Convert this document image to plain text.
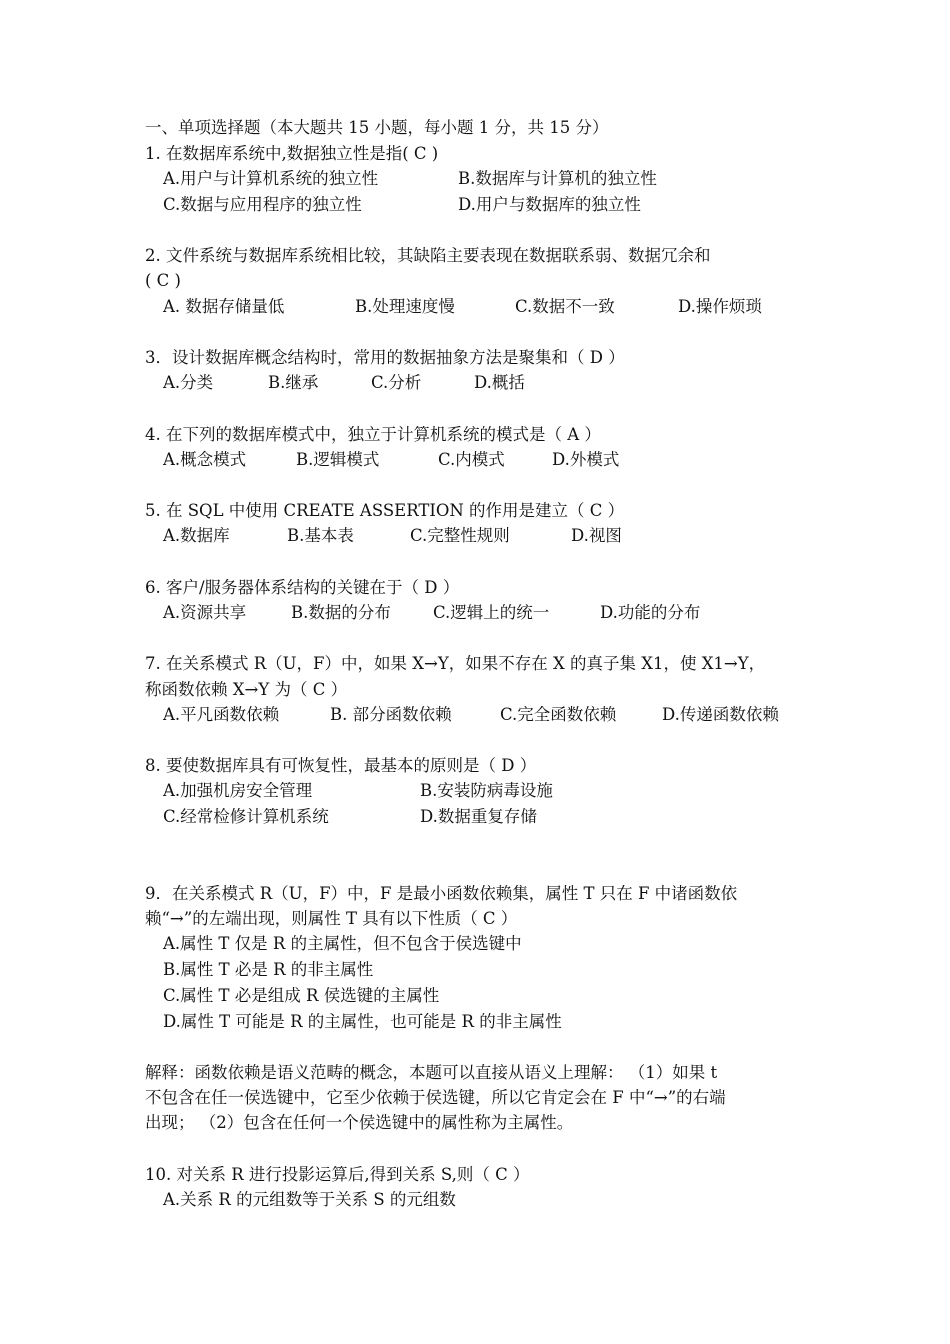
一、单项选择题（本大题共 15 小题，每小题 1 分，共 15 分）
1. 在数据库系统中,数据独立性是指( C )
A.用户与计算机系统的独立性	B.数据库与计算机的独立性
C.数据与应用程序的独立性	D.用户与数据库的独立性
2. 文件系统与数据库系统相比较，其缺陷主要表现在数据联系弱、数据冗余和
( C )
A. 数据存储量低	B.处理速度慢	C.数据不一致	D.操作烦琐
3．设计数据库概念结构时，常用的数据抽象方法是聚集和（ D ）
A.分类	B.继承	C.分析	D.概括
4. 在下列的数据库模式中，独立于计算机系统的模式是（ A ）
A.概念模式	B.逻辑模式	C.内模式	D.外模式
5. 在 SQL 中使用 CREATE ASSERTION 的作用是建立（ C ）
A.数据库	B.基本表	C.完整性规则	D.视图
6. 客户/服务器体系结构的关键在于（ D ）
A.资源共享	B.数据的分布	C.逻辑上的统一	D.功能的分布
7. 在关系模式 R（U，F）中，如果 X→Y，如果不存在 X 的真子集 X1，使 X1→Y，
称函数依赖 X→Y 为（ C ）
A.平凡函数依赖	B. 部分函数依赖	C.完全函数依赖	D.传递函数依赖
8. 要使数据库具有可恢复性，最基本的原则是（ D ）
A.加强机房安全管理	B.安装防病毒设施
C.经常检修计算机系统	D.数据重复存储
9．在关系模式 R（U，F）中，F 是最小函数依赖集，属性 T 只在 F 中诸函数依
赖“→”的左端出现，则属性 T 具有以下性质（ C ）
A.属性 T 仅是 R 的主属性，但不包含于侯选键中
B.属性 T 必是 R 的非主属性
C.属性 T 必是组成 R 侯选键的主属性
D.属性 T 可能是 R 的主属性，也可能是 R 的非主属性
解释：函数依赖是语义范畴的概念，本题可以直接从语义上理解： （1）如果 t
不包含在任一侯选键中，它至少依赖于侯选键，所以它肯定会在 F 中“→”的右端
出现； （2）包含在任何一个侯选键中的属性称为主属性。
10. 对关系 R 进行投影运算后,得到关系 S,则（ C ）
A.关系 R 的元组数等于关系 S 的元组数
